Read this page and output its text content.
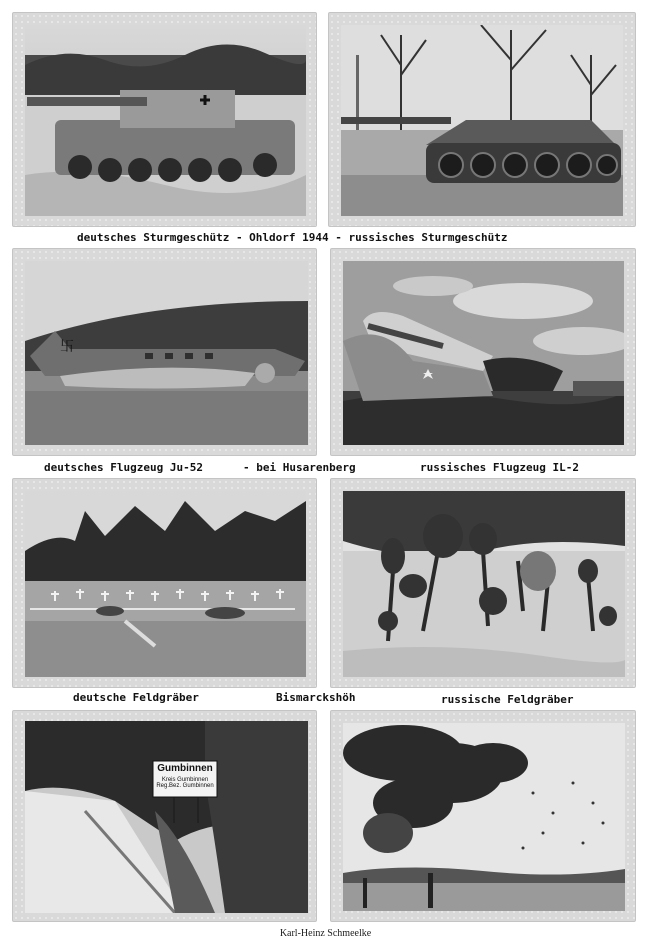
deutsches Sturmgeschütz - Ohldorf 1944 - russisches Sturmgeschütz
卐
deutsches Flugzeug Ju-52	- bei Husarenberg	russisches Flugzeug IL-2
deutsche Feldgräber	Bismarckshöh	russische Feldgräber
Gumbinnen
Kreis Gumbinnen
Reg.Bez. Gumbinnen
Karl-Heinz Schmeelke
